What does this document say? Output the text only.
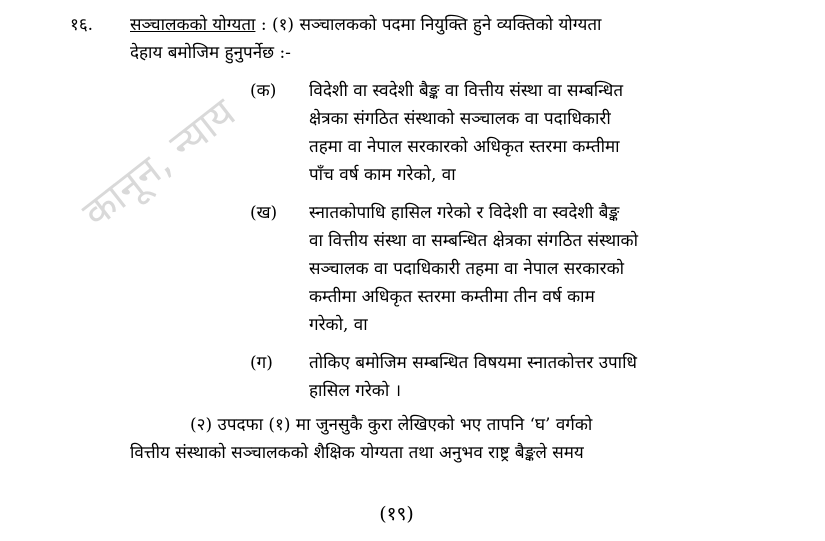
कानून, न्याय
१६. सञ्चालकको योग्यता : (१) सञ्चालकको पदमा नियुक्ति हुने व्यक्तिको योग्यता
देहाय बमोजिम हुनुपर्नेछ :-
(क) विदेशी वा स्वदेशी बैङ्क वा वित्तीय संस्था वा सम्बन्धित
क्षेत्रका संगठित संस्थाको सञ्चालक वा पदाधिकारी
तहमा वा नेपाल सरकारको अधिकृत स्तरमा कम्तीमा
पाँच वर्ष काम गरेको, वा
(ख) स्नातकोपाधि हासिल गरेको र विदेशी वा स्वदेशी बैङ्क
वा वित्तीय संस्था वा सम्बन्धित क्षेत्रका संगठित संस्थाको
सञ्चालक वा पदाधिकारी तहमा वा नेपाल सरकारको
कम्तीमा अधिकृत स्तरमा कम्तीमा तीन वर्ष काम
गरेको, वा
(ग) तोकिए बमोजिम सम्बन्धित विषयमा स्नातकोत्तर उपाधि
हासिल गरेको ।
(२) उपदफा (१) मा जुनसुकै कुरा लेखिएको भए तापनि ‘घ’ वर्गको
वित्तीय संस्थाको सञ्चालकको शैक्षिक योग्यता तथा अनुभव राष्ट्र बैङ्कले समय
(१९)
